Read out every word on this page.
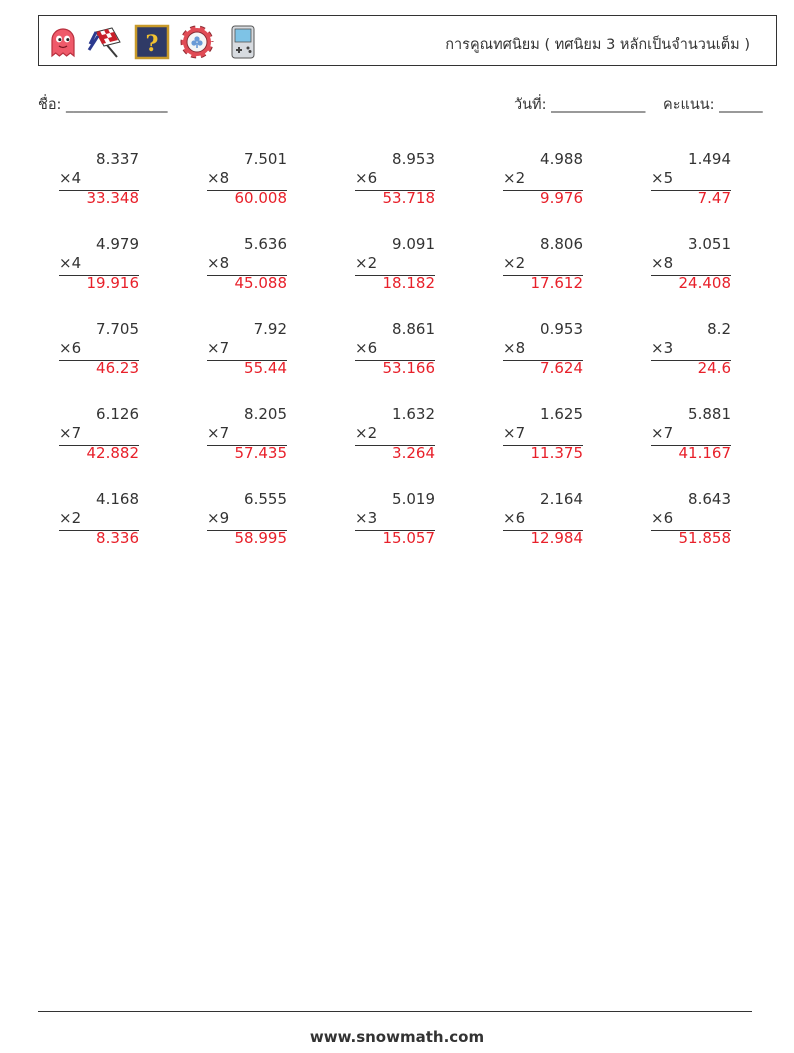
?	การคูณทศนิยม ( ทศนิยม 3 หลักเป็นจำนวนเต็ม )
ชื่อ: ______________	วันที่: _____________ คะแนน: ______
8.337
×4
33.348
7.501
×8
60.008
8.953
×6
53.718
4.988
×2
9.976
1.494
×5
7.47
4.979
×4
19.916
5.636
×8
45.088
9.091
×2
18.182
8.806
×2
17.612
3.051
×8
24.408
7.705
×6
46.23
7.92
×7
55.44
8.861
×6
53.166
0.953
×8
7.624
8.2
×3
24.6
6.126
×7
42.882
8.205
×7
57.435
1.632
×2
3.264
1.625
×7
11.375
5.881
×7
41.167
4.168
×2
8.336
6.555
×9
58.995
5.019
×3
15.057
2.164
×6
12.984
8.643
×6
51.858
www.snowmath.com
